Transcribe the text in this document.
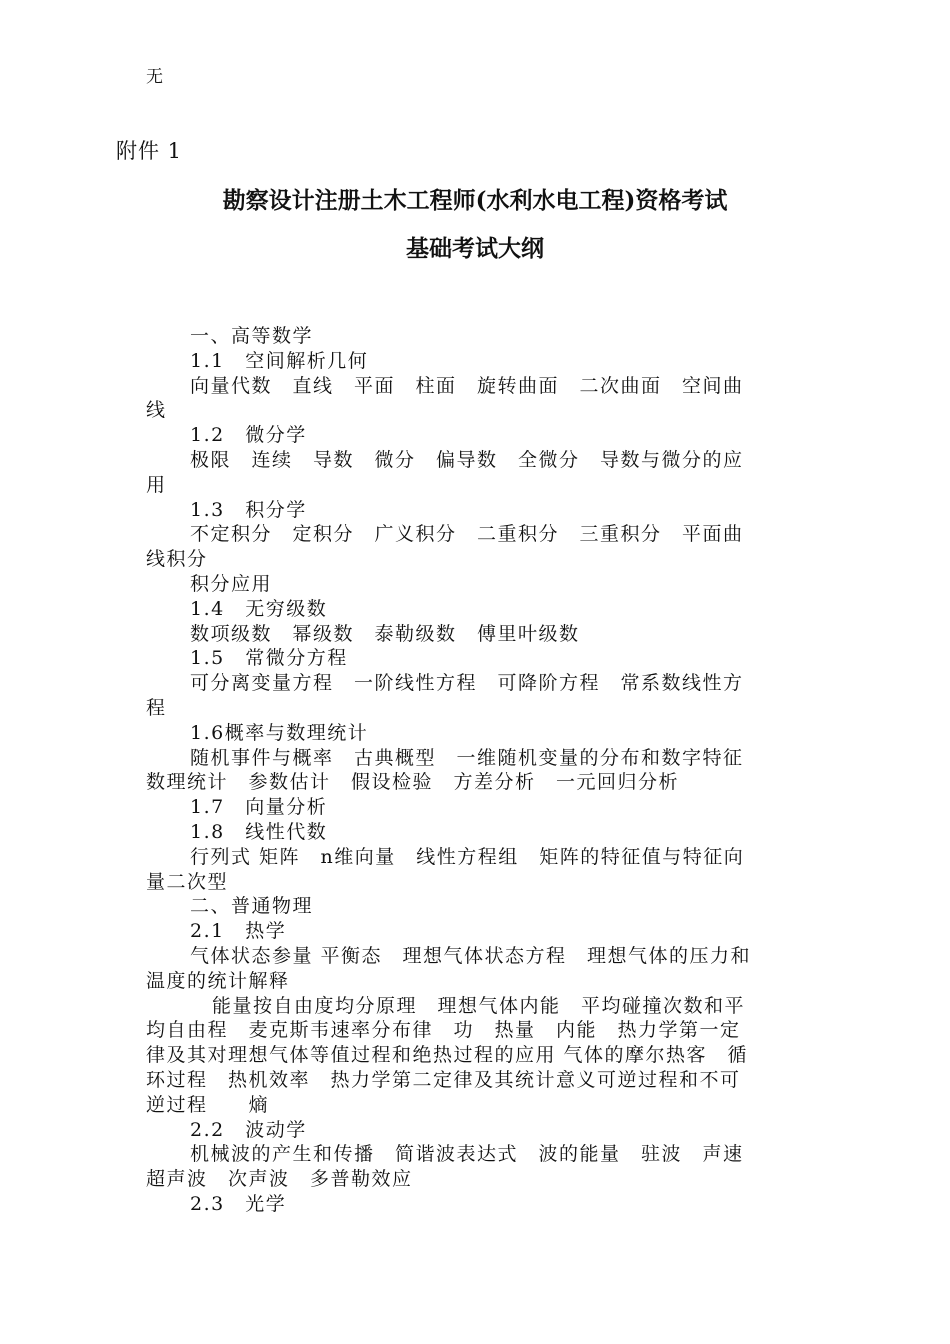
无
附件 1
勘察设计注册土木工程师(水利水电工程)资格考试
基础考试大纲
一、高等数学
1.1　空间解析几何
向量代数　直线　平面　柱面　旋转曲面　二次曲面　空间曲
线
1.2　微分学
极限　连续　导数　微分　偏导数　全微分　导数与微分的应
用
1.3　积分学
不定积分　定积分　广义积分　二重积分　三重积分　平面曲
线积分
积分应用
1.4　无穷级数
数项级数　幂级数　泰勒级数　傅里叶级数
1.5　常微分方程
可分离变量方程　一阶线性方程　可降阶方程　常系数线性方
程
1.6概率与数理统计
随机事件与概率　古典概型　一维随机变量的分布和数字特征
数理统计　参数估计　假设检验　方差分析　一元回归分析
1.7　向量分析
1.8　线性代数
行列式 矩阵　n维向量　线性方程组　矩阵的特征值与特征向
量二次型
二、普通物理
2.1　热学
气体状态参量 平衡态　理想气体状态方程　理想气体的压力和
温度的统计解释
能量按自由度均分原理　理想气体内能　平均碰撞次数和平
均自由程　麦克斯韦速率分布律　功　热量　内能　热力学第一定
律及其对理想气体等值过程和绝热过程的应用 气体的摩尔热客　循
环过程　热机效率　热力学第二定律及其统计意义可逆过程和不可
逆过程　　熵
2.2　波动学
机械波的产生和传播　简谐波表达式　波的能量　驻波　声速
超声波　次声波　多普勒效应
2.3　光学
